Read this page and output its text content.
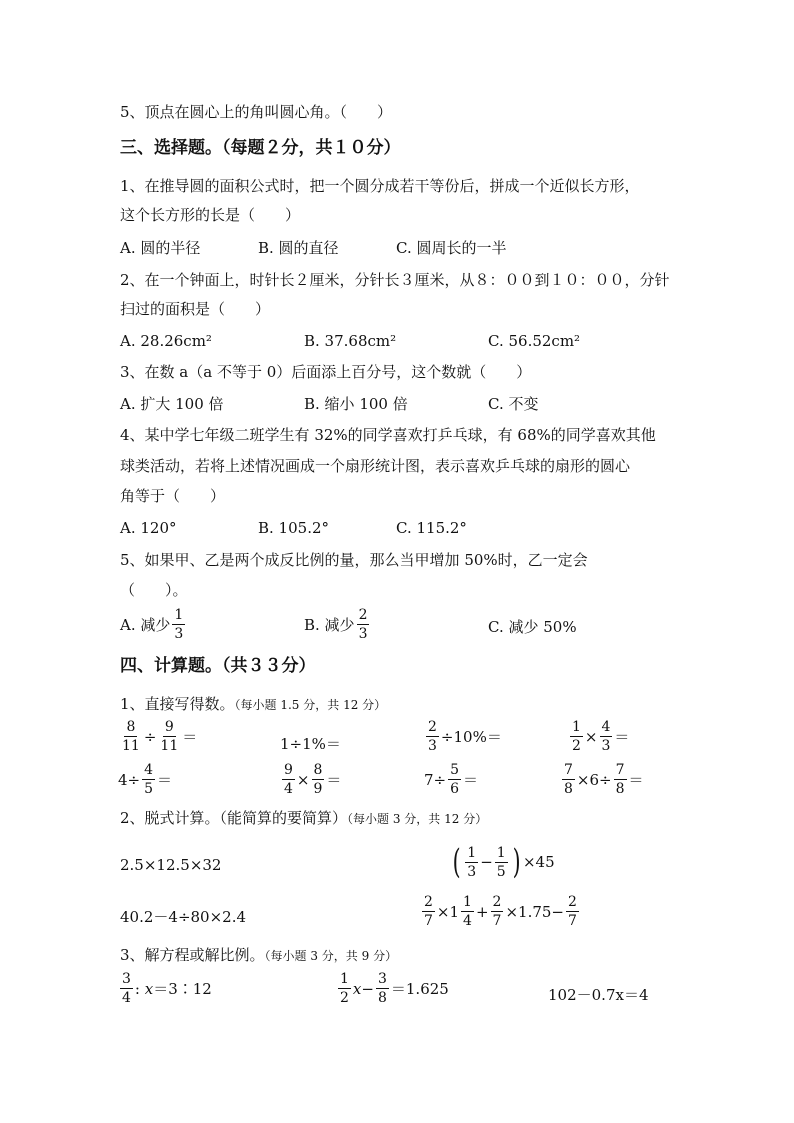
5、顶点在圆心上的角叫圆心角。（　　）
三、选择题。（每题２分，共１０分）
1、在推导圆的面积公式时，把一个圆分成若干等份后，拼成一个近似长方形，
这个长方形的长是（　　）
A. 圆的半径	B. 圆的直径	C. 圆周长的一半
2、在一个钟面上，时针长２厘米，分针长３厘米，从８：００到１０：００，分针
扫过的面积是（　　）
A. 28.26cm²	B. 37.68cm²	C. 56.52cm²
3、在数 a（a 不等于 0）后面添上百分号，这个数就（　　）
A. 扩大 100 倍	B. 缩小 100 倍	C. 不变
4、某中学七年级二班学生有 32%的同学喜欢打乒乓球，有 68%的同学喜欢其他
球类活动，若将上述情况画成一个扇形统计图，表示喜欢乒乓球的扇形的圆心
角等于（　　）
A. 120°	B. 105.2°	C. 115.2°
5、如果甲、乙是两个成反比例的量，那么当甲增加 50%时，乙一定会
（　　）。
A. 减少 $\frac{1}{3}$	B. 减少 $\frac{2}{3}$	C. 减少 50%
四、计算题。（共３３分）
1、直接写得数。（每小题 1.5 分，共 12 分）
$\frac{8}{11} \div \frac{9}{11}$ ＝	1÷1%＝	$\frac{2}{3} \div 10\%=$	$\frac{1}{2} \times \frac{4}{3}$ ＝
$4\div \frac{4}{5}$ ＝	$\frac{9}{4} \times \frac{8}{9}$ ＝	$7\div \frac{5}{6}$ ＝	$\frac{7}{8} \times 6\div \frac{7}{8}$ ＝
2、脱式计算。（能简算的要简算）（每小题 3 分，共 12 分）
2.5×12.5×32	( $\frac{1}{3} - \frac{1}{5}$ ) ×45
40.2－4÷80×2.4	$\frac{2}{7} \times 1 \frac{1}{4} + \frac{2}{7} \times 1.75- \frac{2}{7}$
3、解方程或解比例。（每小题 3 分，共 9 分）
$\frac{3}{4}$ : x ＝3∶12	$\frac{1}{2}$ $x - \frac{3}{8} =1.625$	102－0.7x＝4
